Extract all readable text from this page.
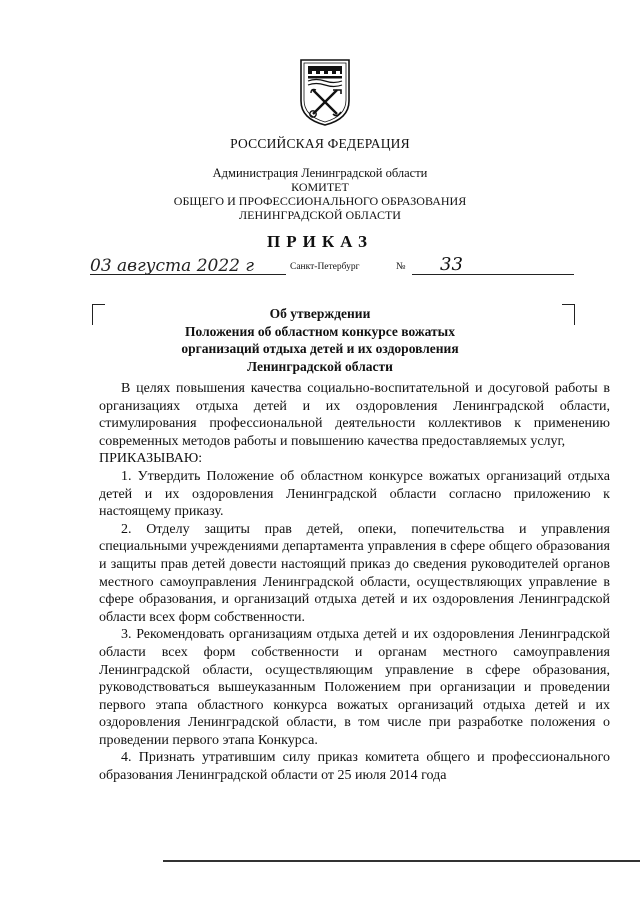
РОССИЙСКАЯ ФЕДЕРАЦИЯ
Администрация Ленинградской области
КОМИТЕТ
ОБЩЕГО И ПРОФЕССИОНАЛЬНОГО ОБРАЗОВАНИЯ
ЛЕНИНГРАДСКОЙ ОБЛАСТИ
ПРИКАЗ
03 августа 2022 г	Санкт-Петербург	№ 33
Об утверждении
Положения об областном конкурсе вожатых
организаций отдыха детей и их оздоровления
Ленинградской области

В целях повышения качества социально-воспитательной и досуговой работы в организациях отдыха детей и их оздоровления Ленинградской области, стимулирования профессиональной деятельности коллективов к применению современных методов работы и повышению качества предоставляемых услуг,

ПРИКАЗЫВАЮ:

1. Утвердить Положение об областном конкурсе вожатых организаций отдыха детей и их оздоровления Ленинградской области согласно приложению к настоящему приказу.

2. Отделу защиты прав детей, опеки, попечительства и управления специальными учреждениями департамента управления в сфере общего образования и защиты прав детей довести настоящий приказ до сведения руководителей органов местного самоуправления Ленинградской области, осуществляющих управление в сфере образования, и организаций отдыха детей и их оздоровления Ленинградской области всех форм собственности.

3. Рекомендовать организациям отдыха детей и их оздоровления Ленинградской области всех форм собственности и органам местного самоуправления Ленинградской области, осуществляющим управление в сфере образования, руководствоваться вышеуказанным Положением при организации и проведении первого этапа областного конкурса вожатых организаций отдыха детей и их оздоровления Ленинградской области, в том числе при разработке положения о проведении первого этапа Конкурса.

4. Признать утратившим силу приказ комитета общего и профессионального образования Ленинградской области от 25 июля 2014 года
